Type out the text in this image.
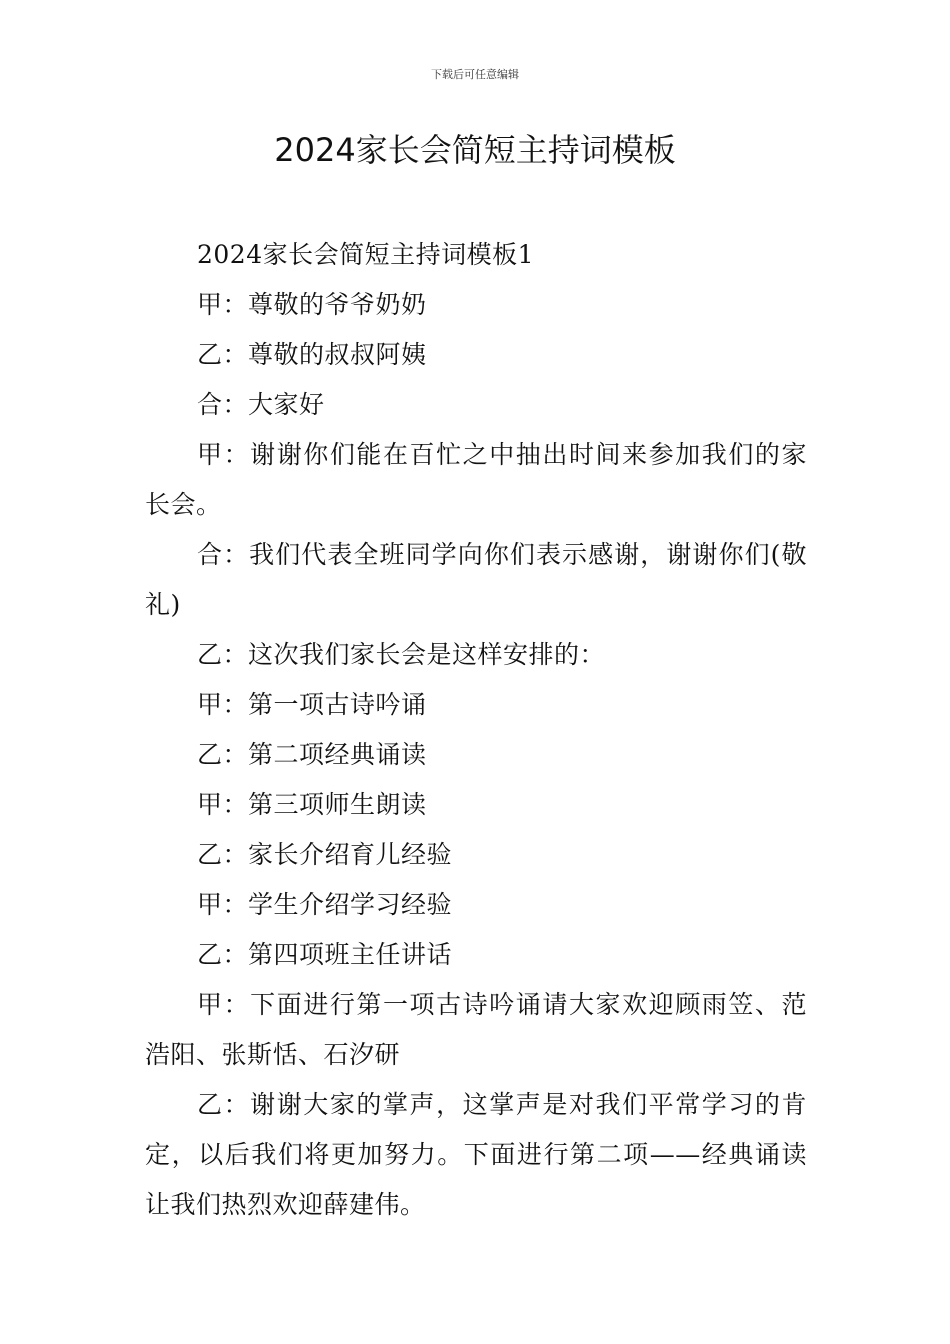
下载后可任意编辑
2024家长会简短主持词模板

2024家长会简短主持词模板1

甲：尊敬的爷爷奶奶

乙：尊敬的叔叔阿姨

合：大家好

甲：谢谢你们能在百忙之中抽出时间来参加我们的家长会。

合：我们代表全班同学向你们表示感谢，谢谢你们(敬礼)

乙：这次我们家长会是这样安排的：

甲：第一项古诗吟诵

乙：第二项经典诵读

甲：第三项师生朗读

乙：家长介绍育儿经验

甲：学生介绍学习经验

乙：第四项班主任讲话

甲：下面进行第一项古诗吟诵请大家欢迎顾雨笠、范浩阳、张斯恬、石汐研

乙：谢谢大家的掌声，这掌声是对我们平常学习的肯定，以后我们将更加努力。下面进行第二项——经典诵读让我们热烈欢迎薛建伟。
